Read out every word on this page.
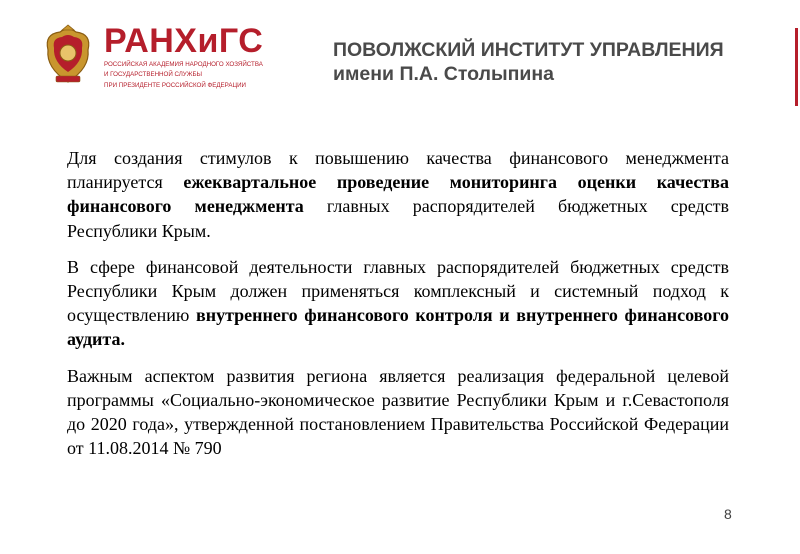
РАНХиГС
РОССИЙСКАЯ АКАДЕМИЯ НАРОДНОГО ХОЗЯЙСТВА
И ГОСУДАРСТВЕННОЙ СЛУЖБЫ
ПРИ ПРЕЗИДЕНТЕ РОССИЙСКОЙ ФЕДЕРАЦИИ
ПОВОЛЖСКИЙ ИНСТИТУТ УПРАВЛЕНИЯ
имени П.А. Столыпина

Для создания стимулов к повышению качества финансового менеджмента планируется ежеквартальное проведение мониторинга оценки качества финансового менеджмента главных распорядителей бюджетных средств Республики Крым.

В сфере финансовой деятельности главных распорядителей бюджетных средств Республики Крым должен применяться комплексный и системный подход к осуществлению внутреннего финансового контроля и внутреннего финансового аудита.

Важным аспектом развития региона является реализация федеральной целевой программы «Социально-экономическое развитие Республики Крым и г.Севастополя до 2020 года», утвержденной постановлением Правительства Российской Федерации от 11.08.2014 № 790

8
